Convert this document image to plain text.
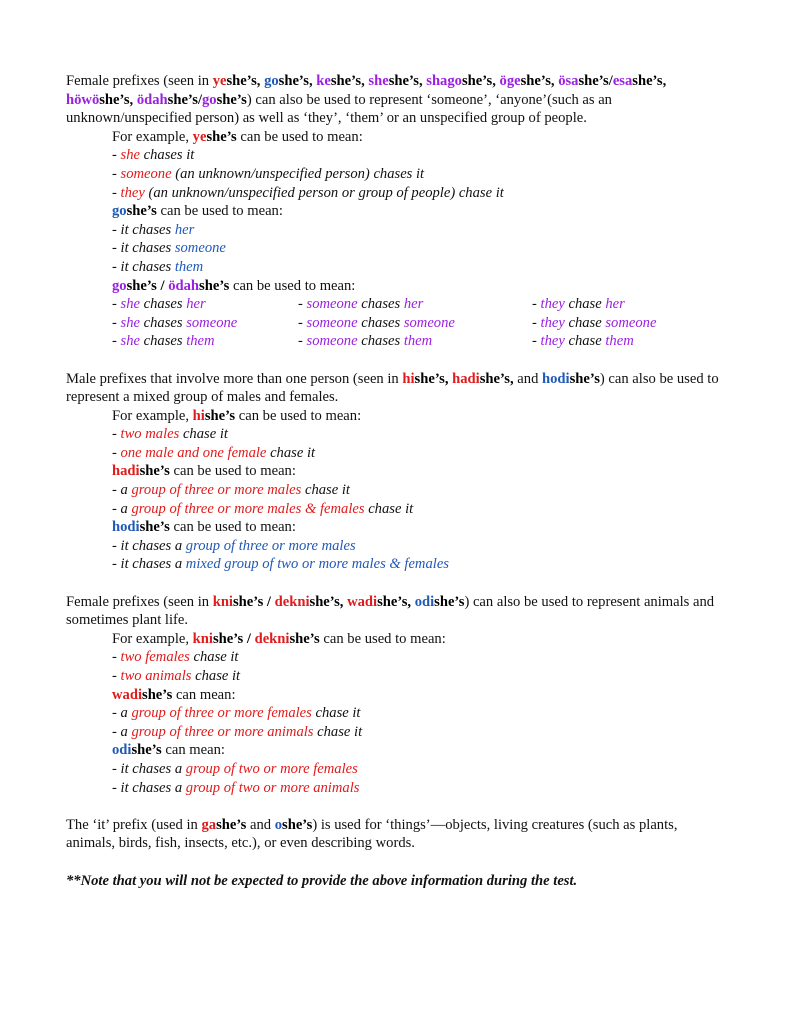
Female prefixes (seen in yeshe’s, goshe’s, keshe’s, sheshe’s, shagoshe’s, ögeshe’s, ösashe’s/esashe’s, höwöshe’s, ödahshe’s/goshe’s) can also be used to represent ‘someone’, ‘anyone’(such as an unknown/unspecified person) as well as ‘they’, ‘them’ or an unspecified group of people.

For example, yeshe’s can be used to mean:

- she chases it
- someone (an unknown/unspecified person) chases it
- they (an unknown/unspecified person or group of people) chase it

goshe’s can be used to mean:

- it chases her
- it chases someone
- it chases them

goshe’s / ödahshe’s can be used to mean:

- she chases her	- someone chases her	- they chase her
- she chases someone	- someone chases someone	- they chase someone
- she chases them	- someone chases them	- they chase them

Male prefixes that involve more than one person (seen in hishe’s, hadishe’s, and hodishe’s) can also be used to represent a mixed group of males and females.

For example, hishe’s can be used to mean:

- two males chase it
- one male and one female chase it

hadishe’s can be used to mean:

- a group of three or more males chase it
- a group of three or more males & females chase it

hodishe’s can be used to mean:

- it chases a group of three or more males
- it chases a mixed group of two or more males & females

Female prefixes (seen in knishe’s / deknishe’s, wadishe’s, odishe’s) can also be used to represent animals and sometimes plant life.

For example, knishe’s / deknishe’s can be used to mean:

- two females chase it
- two animals chase it

wadishe’s can mean:

- a group of three or more females chase it
- a group of three or more animals chase it

odishe’s can mean:

- it chases a group of two or more females
- it chases a group of two or more animals

The ‘it’ prefix (used in gashe’s and oshe’s) is used for ‘things’—objects, living creatures (such as plants, animals, birds, fish, insects, etc.), or even describing words.

**Note that you will not be expected to provide the above information during the test.
